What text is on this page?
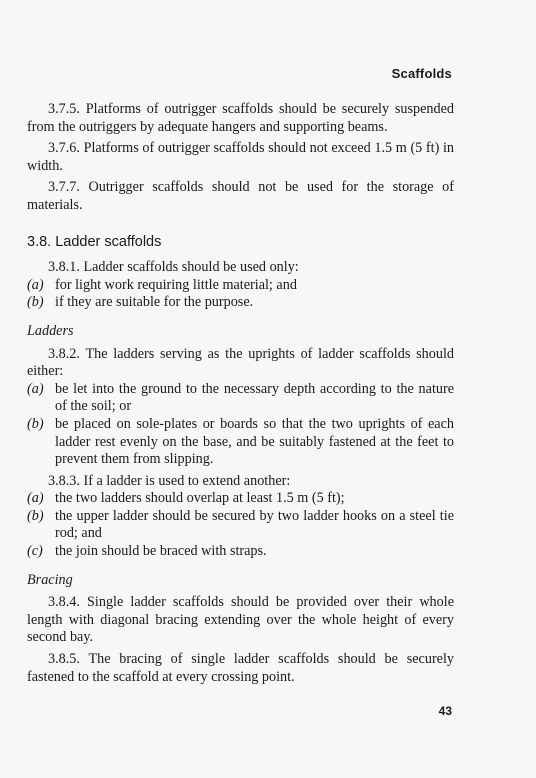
Scaffolds

3.7.5. Platforms of outrigger scaffolds should be securely suspended from the outriggers by adequate hangers and supporting beams.

3.7.6. Platforms of outrigger scaffolds should not exceed 1.5 m (5 ft) in width.

3.7.7. Outrigger scaffolds should not be used for the storage of materials.

3.8. Ladder scaffolds

3.8.1. Ladder scaffolds should be used only:

(a) for light work requiring little material; and
(b) if they are suitable for the purpose.
Ladders

3.8.2. The ladders serving as the uprights of ladder scaffolds should either:

(a) be let into the ground to the necessary depth according to the nature of the soil; or
(b) be placed on sole-plates or boards so that the two uprights of each ladder rest evenly on the base, and be suitably fastened at the feet to prevent them from slipping.

3.8.3. If a ladder is used to extend another:

(a) the two ladders should overlap at least 1.5 m (5 ft);
(b) the upper ladder should be secured by two ladder hooks on a steel tie rod; and
(c) the join should be braced with straps.
Bracing

3.8.4. Single ladder scaffolds should be provided over their whole length with diagonal bracing extending over the whole height of every second bay.

3.8.5. The bracing of single ladder scaffolds should be securely fastened to the scaffold at every crossing point.

43
